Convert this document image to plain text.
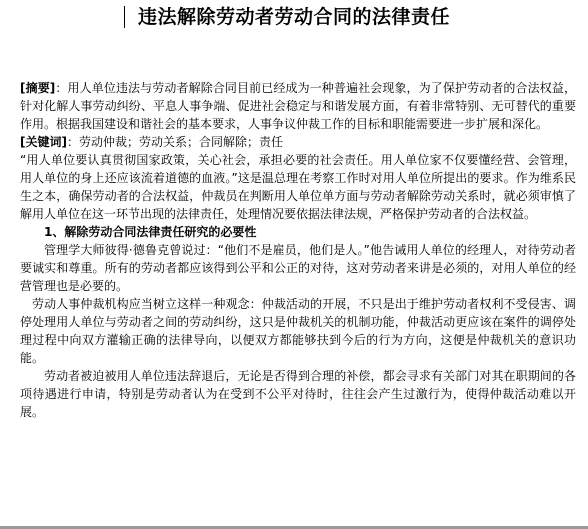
违法解除劳动者劳动合同的法律责任

[摘要]：用人单位违法与劳动者解除合同目前已经成为一种普遍社会现象，为了保护劳动者的合法权益，针对化解人事劳动纠纷、平息人事争端、促进社会稳定与和谐发展方面，有着非常特别、无可替代的重要作用。根据我国建设和谐社会的基本要求，人事争议仲裁工作的目标和职能需要进一步扩展和深化。

[关键词]：劳动仲裁；劳动关系；合同解除；责任

“用人单位要认真贯彻国家政策，关心社会，承担必要的社会责任。用人单位家不仅要懂经营、会管理，用人单位的身上还应该流着道德的血液。”这是温总理在考察工作时对用人单位所提出的要求。作为维系民生之本，确保劳动者的合法权益，仲裁员在判断用人单位单方面与劳动者解除劳动关系时，就必须审慎了解用人单位在这一环节出现的法律责任，处理情况要依据法律法规，严格保护劳动者的合法权益。

1、解除劳动合同法律责任研究的必要性

管理学大师彼得·德鲁克曾说过：“他们不是雇员，他们是人。”他告诫用人单位的经理人，对待劳动者要诚实和尊重。所有的劳动者都应该得到公平和公正的对待，这对劳动者来讲是必须的，对用人单位的经营管理也是必要的。

劳动人事仲裁机构应当树立这样一种观念：仲裁活动的开展，不只是出于维护劳动者权利不受侵害、调停处理用人单位与劳动者之间的劳动纠纷，这只是仲裁机关的机制功能，仲裁活动更应该在案件的调停处理过程中向双方灌输正确的法律导向，以便双方都能够扶到今后的行为方向，这便是仲裁机关的意识功能。

劳动者被迫被用人单位违法辞退后，无论是否得到合理的补偿，都会寻求有关部门对其在职期间的各项待遇进行申请，特别是劳动者认为在受到不公平对待时，往往会产生过激行为，使得仲裁活动难以开展。
